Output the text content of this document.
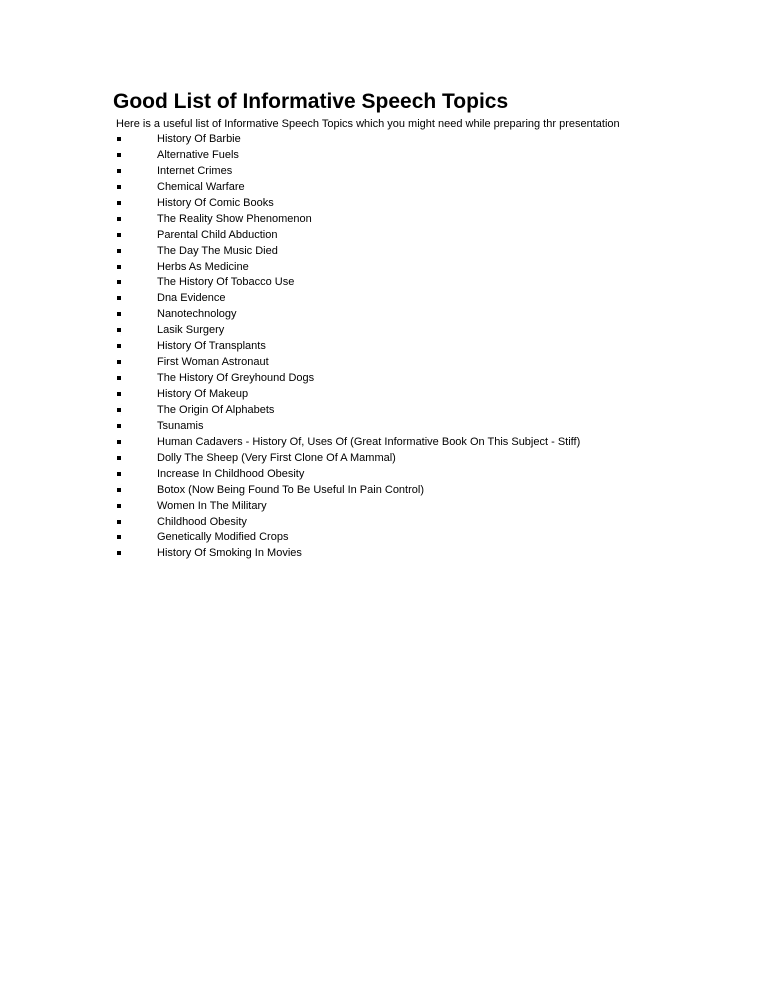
Good List of Informative Speech Topics

Here is a useful list of Informative Speech Topics which you might need while preparing thr presentation

History Of Barbie
Alternative Fuels
Internet Crimes
Chemical Warfare
History Of Comic Books
The Reality Show Phenomenon
Parental Child Abduction
The Day The Music Died
Herbs As Medicine
The History Of Tobacco Use
Dna Evidence
Nanotechnology
Lasik Surgery
History Of Transplants
First Woman Astronaut
The History Of Greyhound Dogs
History Of Makeup
The Origin Of Alphabets
Tsunamis
Human Cadavers - History Of, Uses Of (Great Informative Book On This Subject - Stiff)
Dolly The Sheep (Very First Clone Of A Mammal)
Increase In Childhood Obesity
Botox (Now Being Found To Be Useful In Pain Control)
Women In The Military
Childhood Obesity
Genetically Modified Crops
History Of Smoking In Movies
